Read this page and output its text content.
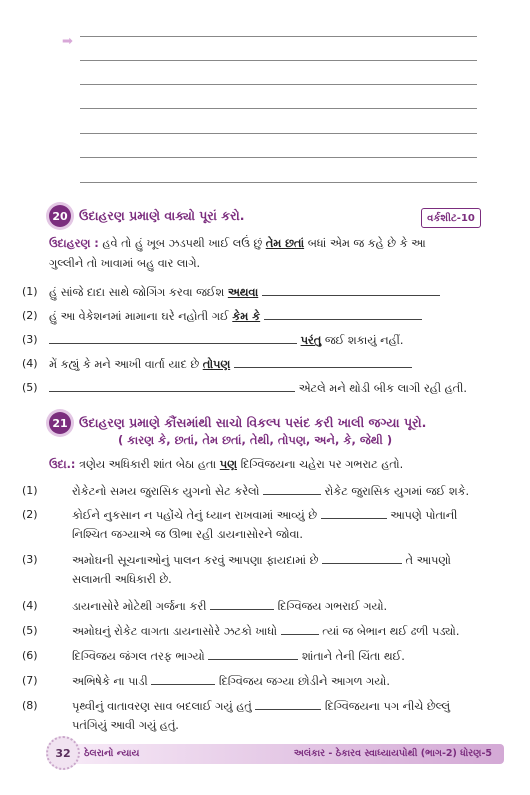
➡
20 ઉદાહરણ પ્રમાણે વાક્યો પૂરાં કરો.	વર્કશીટ-10
ઉદાહરણ : હવે તો હું ખૂબ ઝડપથી ખાઈ લઉં છું તેમ છતાં બધાં એમ જ કહે છે કે આ
ગુલ્લીને તો ખાવામાં બહુ વાર લાગે.
(1) હું સાંજે દાદા સાથે જોગિંગ કરવા જઈશ અથવા
(2) હું આ વેકેશનમાં મામાના ઘરે નહોતી ગઈ કેમ કે
(3)	પરંતુ જઈ શકાયું નહીં.
(4) મેં કહ્યું કે મને આખી વાર્તા યાદ છે તોપણ
(5)	એટલે મને થોડી બીક લાગી રહી હતી.
21 ઉદાહરણ પ્રમાણે કૌંસમાંથી સાચો વિકલ્પ પસંદ કરી ખાલી જગ્યા પૂરો.
( કારણ કે, છતાં, તેમ છતાં, તેથી, તોપણ, અને, કે, જેથી )
ઉદા.: ત્રણેય અધિકારી શાંત બેઠા હતા પણ દિગ્વિજયના ચહેરા પર ગભરાટ હતો.
(1)	રોકેટનો સમય જુરાસિક યુગનો સેટ કરેલો	રોકેટ જુરાસિક યુગમાં જઈ શકે.
(2)	કોઈને નુકસાન ન પહોંચે તેનું ધ્યાન રાખવામાં આવ્યું છે	આપણે પોતાની
નિશ્ચિત જગ્યાએ જ ઊભા રહી ડાયનાસોરને જોવા.
(3)	અમોઘની સૂચનાઓનું પાલન કરવું આપણા ફાયદામાં છે	તે આપણો
સલામતી અધિકારી છે.
(4)	ડાયનાસોરે મોટેથી ગર્જના કરી	દિગ્વિજય ગભરાઈ ગયો.
(5)	અમોઘનું રોકેટ વાગતા ડાયનાસોરે ઝટકો ખાધો	ત્યાં જ બેભાન થઈ ઢળી પડ્યો.
(6)	દિગ્વિજય જંગલ તરફ ભાગ્યો	શાંતાને તેની ચિંતા થઈ.
(7)	અભિષેકે ના પાડી	દિગ્વિજય જગ્યા છોડીને આગળ ગયો.
(8)	પૃથ્વીનું વાતાવરણ સાવ બદલાઈ ગયું હતું	દિગ્વિજયના પગ નીચે છેલ્લું
પતંગિયું આવી ગયું હતું.
32	ઠેલરાનો ન્યાય	અલંકાર - ઠેકારવ સ્વાધ્યાયપોથી (ભાગ-2) ધોરણ-5
